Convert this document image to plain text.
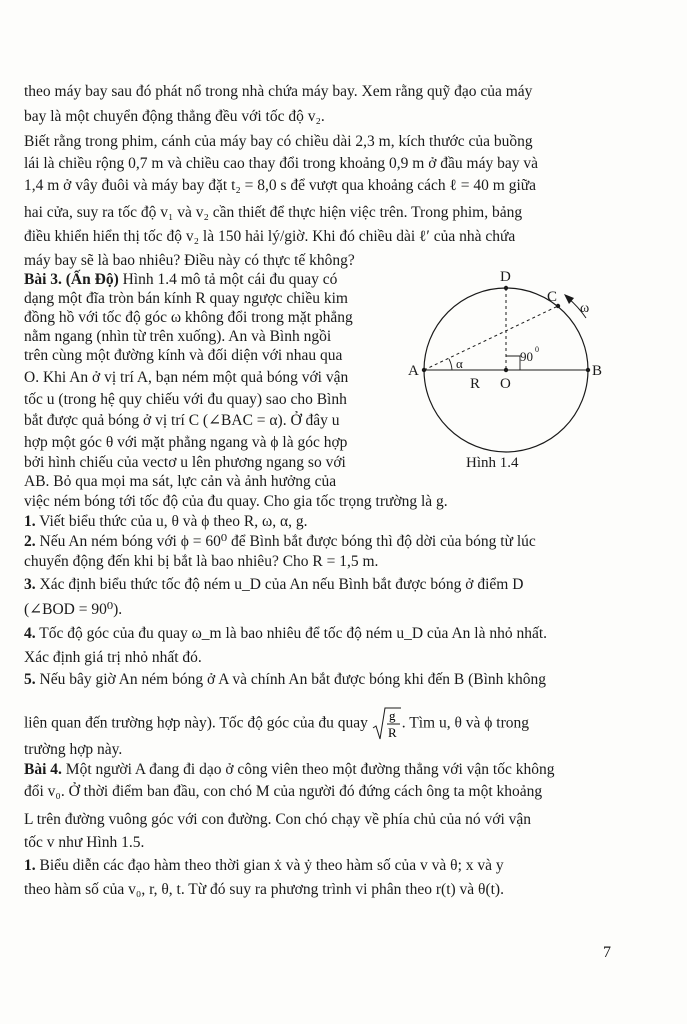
theo máy bay sau đó phát nổ trong nhà chứa máy bay. Xem rằng quỹ đạo của máy
bay là một chuyển động thẳng đều với tốc độ v₂.
Biết rằng trong phim, cánh của máy bay có chiều dài 2,3 m, kích thước của buồng
lái là chiều rộng 0,7 m và chiều cao thay đổi trong khoảng 0,9 m ở đầu máy bay và
1,4 m ở vây đuôi và máy bay đặt t₂ = 8,0 s để vượt qua khoảng cách ℓ = 40 m giữa
hai cửa, suy ra tốc độ v₁ và v₂ cần thiết để thực hiện việc trên. Trong phim, bảng
điều khiển hiển thị tốc độ v₂ là 150 hải lý/giờ. Khi đó chiều dài ℓ′ của nhà chứa
máy bay sẽ là bao nhiêu? Điều này có thực tế không?
Bài 3. (Ấn Độ) Hình 1.4 mô tả một cái đu quay có
dạng một đĩa tròn bán kính R quay ngược chiều kim
đồng hồ với tốc độ góc ω không đổi trong mặt phẳng
nằm ngang (nhìn từ trên xuống). An và Bình ngồi
trên cùng một đường kính và đối diện với nhau qua
O. Khi An ở vị trí A, bạn ném một quả bóng với vận
tốc u (trong hệ quy chiếu với đu quay) sao cho Bình
bắt được quả bóng ở vị trí C (∠BAC = α). Ở đây u
hợp một góc θ với mặt phẳng ngang và ϕ là góc hợp
bởi hình chiếu của vectơ u lên phương ngang so với
AB. Bỏ qua mọi ma sát, lực cản và ảnh hưởng của
việc ném bóng tới tốc độ của đu quay. Cho gia tốc trọng trường là g.
1. Viết biểu thức của u, θ và ϕ theo R, ω, α, g.
2. Nếu An ném bóng với ϕ = 60⁰ để Bình bắt được bóng thì độ dời của bóng từ lúc
chuyển động đến khi bị bắt là bao nhiêu? Cho R = 1,5 m.
3. Xác định biểu thức tốc độ ném u_D của An nếu Bình bắt được bóng ở điểm D
(∠BOD = 90⁰).
4. Tốc độ góc của đu quay ω_m là bao nhiêu để tốc độ ném u_D của An là nhỏ nhất.
Xác định giá trị nhỏ nhất đó.
5. Nếu bây giờ An ném bóng ở A và chính An bắt được bóng khi đến B (Bình không
liên quan đến trường hợp này). Tốc độ góc của đu quay g
R
. Tìm u, θ và ϕ trong
trường hợp này.
Bài 4. Một người A đang đi dạo ở công viên theo một đường thẳng với vận tốc không
đổi v₀. Ở thời điểm ban đầu, con chó M của người đó đứng cách ông ta một khoảng
L trên đường vuông góc với con đường. Con chó chạy về phía chủ của nó với vận
tốc v như Hình 1.5.
1. Biểu diễn các đạo hàm theo thời gian ẋ và ẏ theo hàm số của v và θ; x và y
theo hàm số của v₀, r, θ, t. Từ đó suy ra phương trình vi phân theo r(t) và θ(t).
A	B
D
C
O
R
α
ω
90 0
Hình 1.4
7
